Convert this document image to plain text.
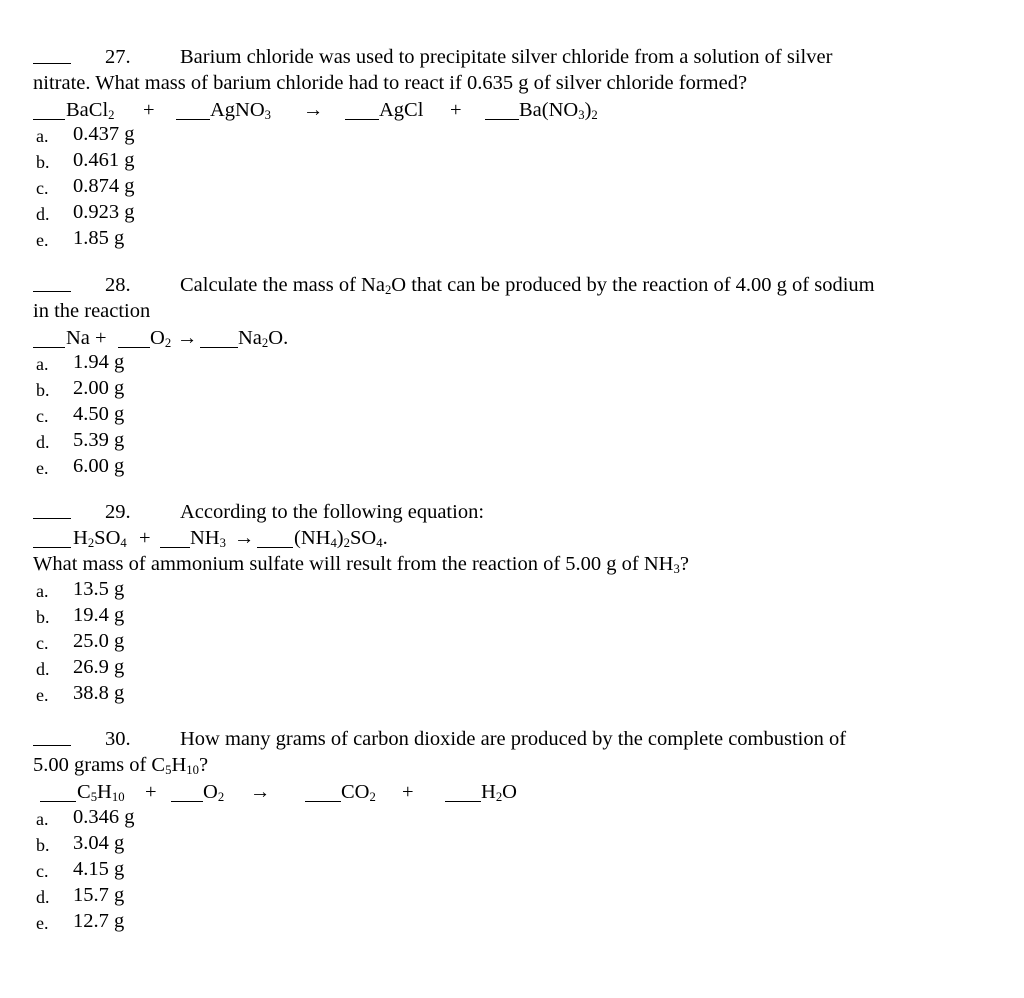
27. Barium chloride was used to precipitate silver chloride from a solution of silver
nitrate. What mass of barium chloride had to react if 0.635 g of silver chloride formed?
BaCl$_2$ +	AgNO$_3$ →	AgCl +	$Ba(NO_3)_2$
a. 0.437 g
b. 0.461 g
c. 0.874 g
d. 0.923 g
e. 1.85 g
28. Calculate the mass of $Na_2O$ that can be produced by the reaction of 4.00 g of sodium
in the reaction
$Na + O_2 \to Na_2O$.
a. 1.94 g
b. 2.00 g
c. 4.50 g
d. 5.39 g
e. 6.00 g
29. According to the following equation:
$H_2SO_4 + NH_3 \to (NH_4)_2SO_4$.
What mass of ammonium sulfate will result from the reaction of 5.00 g of $NH_3$?
a. 13.5 g
b. 19.4 g
c. 25.0 g
d. 26.9 g
e. 38.8 g
30. How many grams of carbon dioxide are produced by the complete combustion of
5.00 grams of $C_5H_{10}$?
$C_5H_{10} + O_2$ →	$CO_2$ +	$H_2O$
a. 0.346 g
b. 3.04 g
c. 4.15 g
d. 15.7 g
e. 12.7 g
